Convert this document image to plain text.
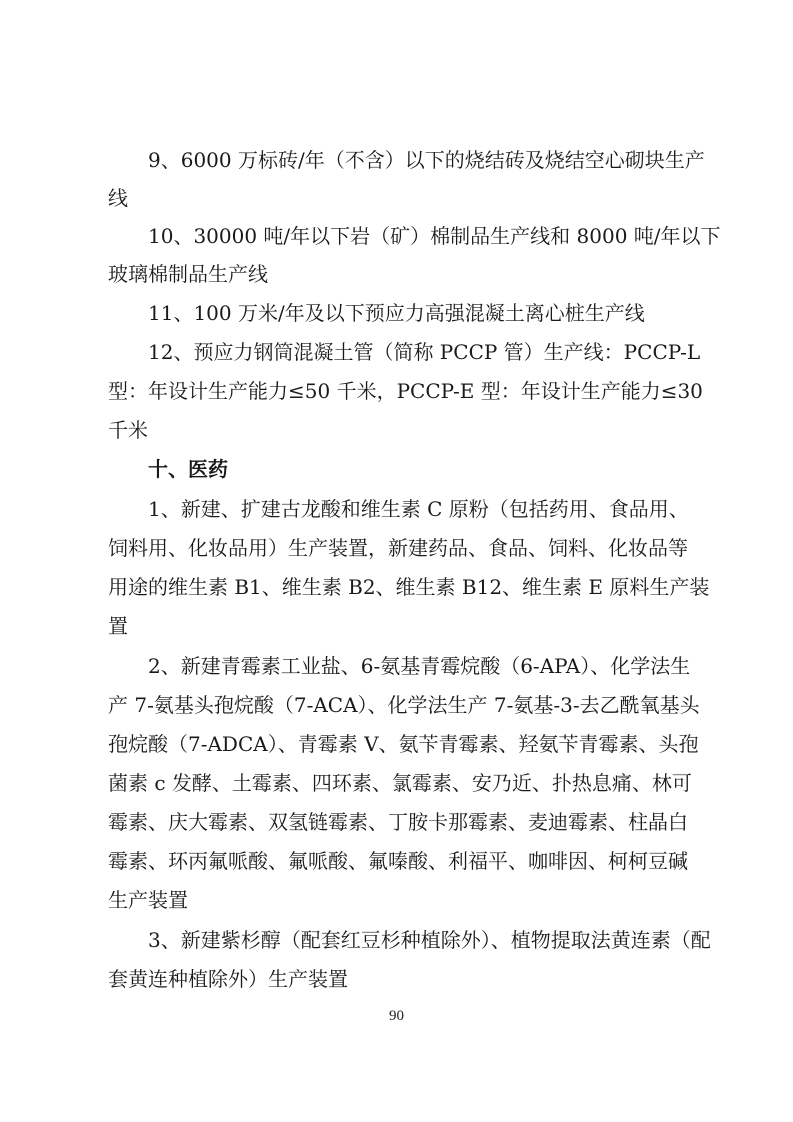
9、6000 万标砖/年（不含）以下的烧结砖及烧结空心砌块生产
线
10、30000 吨/年以下岩（矿）棉制品生产线和 8000 吨/年以下
玻璃棉制品生产线
11、100 万米/年及以下预应力高强混凝土离心桩生产线
12、预应力钢筒混凝土管（简称 PCCP 管）生产线：PCCP-L
型：年设计生产能力≤50 千米，PCCP-E 型：年设计生产能力≤30
千米
十、医药
1、新建、扩建古龙酸和维生素 C 原粉（包括药用、食品用、
饲料用、化妆品用）生产装置，新建药品、食品、饲料、化妆品等
用途的维生素 B1、维生素 B2、维生素 B12、维生素 E 原料生产装
置
2、新建青霉素工业盐、6-氨基青霉烷酸（6-APA）、化学法生
产 7-氨基头孢烷酸（7-ACA）、化学法生产 7-氨基-3-去乙酰氧基头
孢烷酸（7-ADCA）、青霉素 V、氨苄青霉素、羟氨苄青霉素、头孢
菌素 c 发酵、土霉素、四环素、氯霉素、安乃近、扑热息痛、林可
霉素、庆大霉素、双氢链霉素、丁胺卡那霉素、麦迪霉素、柱晶白
霉素、环丙氟哌酸、氟哌酸、氟嗪酸、利福平、咖啡因、柯柯豆碱
生产装置
3、新建紫杉醇（配套红豆杉种植除外）、植物提取法黄连素（配
套黄连种植除外）生产装置
90
